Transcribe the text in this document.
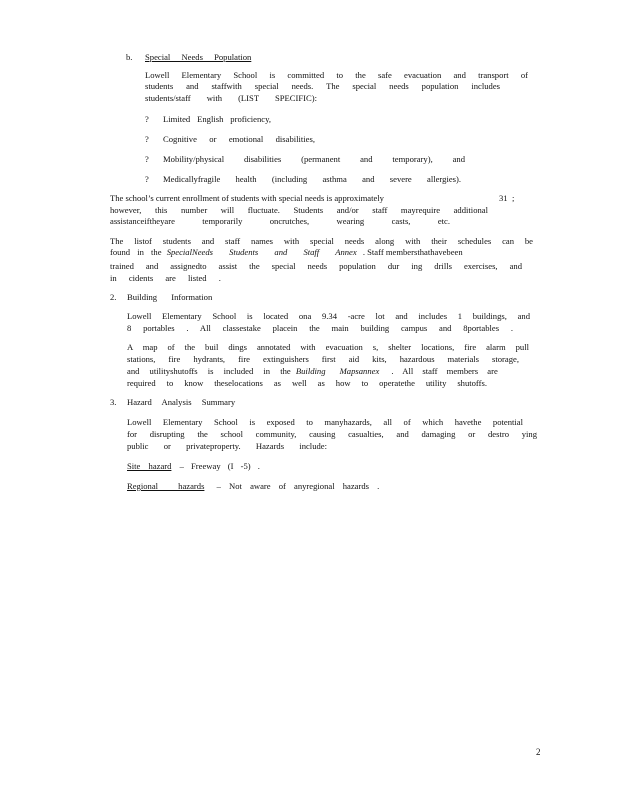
b. Special Needs Population
Lowell Elementary School is committed to the safe evacuation and transport of
students and staffwith special needs. The special needs population includes
students/staff with (LIST SPECIFIC):
?	Limited English proficiency,
?	Cognitive or emotional disabilities,
?	Mobility/physical disabilities (permanent and temporary), and
?	Medicallyfragile health (including asthma and severe allergies).
The school’s current enrollment of students with special needs is approximately	31 ;
however, this number will fluctuate. Students and/or staff mayrequire additional
assistanceiftheyare temporarily oncrutches, wearing casts, etc.
The listof students and staff names with special needs along with their schedules can be
found in the SpecialNeeds Students and Staff Annex . Staff membersthathavebeen
trained and assignedto assist the special needs population dur ing drills exercises, and
in cidents are listed .
2. Building Information
Lowell Elementary School is located ona 9.34 -acre lot and includes 1 buildings, and
8 portables . All classestake placein the main building campus and 8portables .
A map of the buil dings annotated with evacuation s, shelter locations, fire alarm pull
stations, fire hydrants, fire extinguishers first aid kits, hazardous materials storage,
and utilityshutoffs is included in the Building Mapsannex . All staff members are
required to know theselocations as well as how to operatethe utility shutoffs.
3. Hazard Analysis Summary
Lowell Elementary School is exposed to manyhazards, all of which havethe potential
for disrupting the school community, causing casualties, and damaging or destro ying
public or privateproperty. Hazards include:
Site hazard – Freeway (I -5) .
Regional hazards – Not aware of anyregional hazards .
2
